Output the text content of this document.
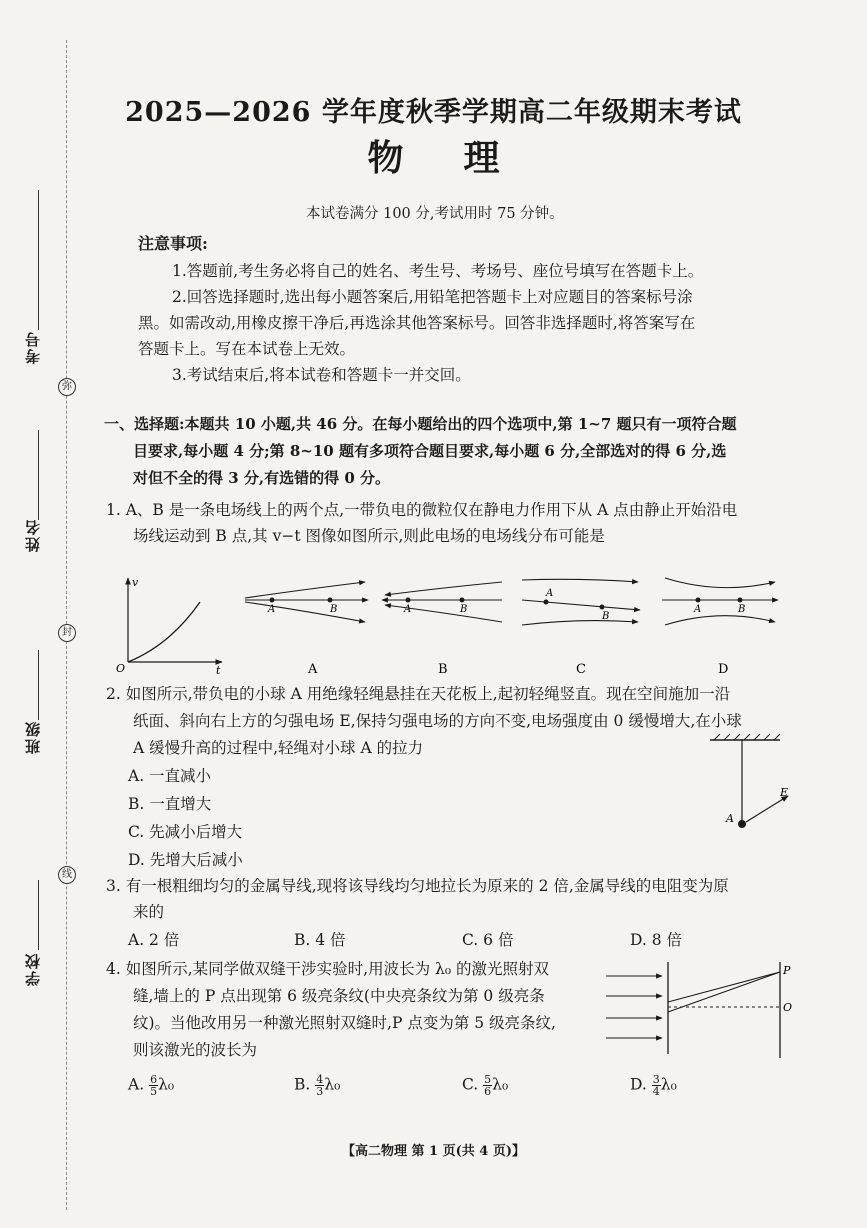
弥
封
线
考号
姓名
班级
学校
2025—2026 学年度秋季学期高二年级期末考试
物理
本试卷满分 100 分,考试用时 75 分钟。
注意事项:
1.答题前,考生务必将自己的姓名、考生号、考场号、座位号填写在答题卡上。
2.回答选择题时,选出每小题答案后,用铅笔把答题卡上对应题目的答案标号涂
黑。如需改动,用橡皮擦干净后,再选涂其他答案标号。回答非选择题时,将答案写在
答题卡上。写在本试卷上无效。
3.考试结束后,将本试卷和答题卡一并交回。
一、选择题:本题共 10 小题,共 46 分。在每小题给出的四个选项中,第 1~7 题只有一项符合题
目要求,每小题 4 分;第 8~10 题有多项符合题目要求,每小题 6 分,全部选对的得 6 分,选
对但不全的得 3 分,有选错的得 0 分。
1. A、B 是一条电场线上的两个点,一带负电的微粒仅在静电力作用下从 A 点由静止开始沿电
场线运动到 B 点,其 v−t 图像如图所示,则此电场的电场线分布可能是
v
t
O
A	B
A
A	B
B
A
B
C
A	B
D
2. 如图所示,带负电的小球 A 用绝缘轻绳悬挂在天花板上,起初轻绳竖直。现在空间施加一沿
纸面、斜向右上方的匀强电场 E,保持匀强电场的方向不变,电场强度由 0 缓慢增大,在小球
A 缓慢升高的过程中,轻绳对小球 A 的拉力
A. 一直减小
B. 一直增大
C. 先减小后增大
D. 先增大后减小
E
A
3. 有一根粗细均匀的金属导线,现将该导线均匀地拉长为原来的 2 倍,金属导线的电阻变为原
来的
A. 2 倍	B. 4 倍	C. 6 倍	D. 8 倍
4. 如图所示,某同学做双缝干涉实验时,用波长为 λ₀ 的激光照射双
缝,墙上的 P 点出现第 6 级亮条纹(中央亮条纹为第 0 级亮条
纹)。当他改用另一种激光照射双缝时,P 点变为第 5 级亮条纹,
则该激光的波长为
P
O
A. $\frac{6}{5} \lambda_0$	B. $\frac{4}{3} \lambda_0$	C. $\frac{5}{6} \lambda_0$	D. $\frac{3}{4} \lambda_0$
【高二物理 第 1 页(共 4 页)】
